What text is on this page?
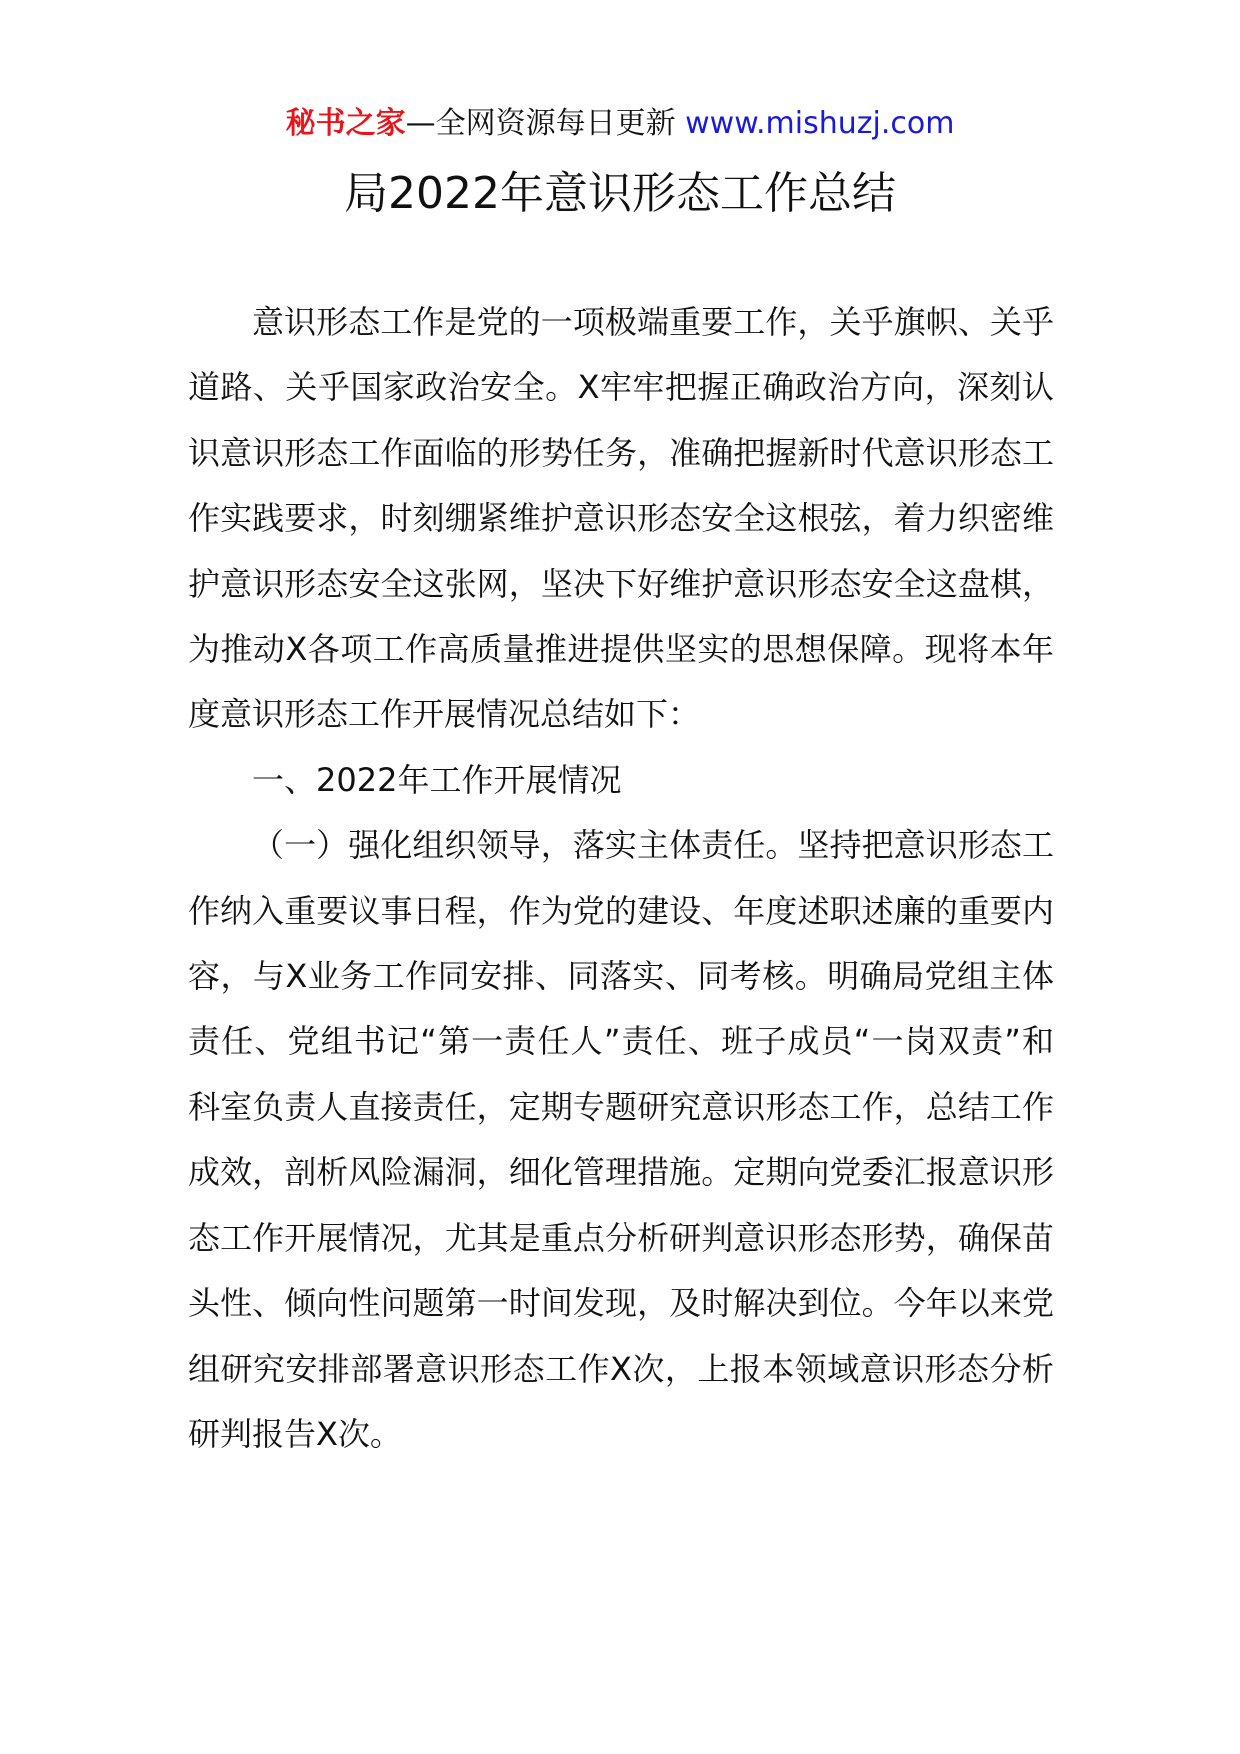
秘书之家—全网资源每日更新 www.mishuzj.com
局2022年意识形态工作总结

意识形态工作是党的一项极端重要工作，关乎旗帜、关乎道路、关乎国家政治安全。X牢牢把握正确政治方向，深刻认识意识形态工作面临的形势任务，准确把握新时代意识形态工作实践要求，时刻绷紧维护意识形态安全这根弦，着力织密维护意识形态安全这张网，坚决下好维护意识形态安全这盘棋，为推动X各项工作高质量推进提供坚实的思想保障。现将本年度意识形态工作开展情况总结如下：

一、2022年工作开展情况

（一）强化组织领导，落实主体责任。坚持把意识形态工作纳入重要议事日程，作为党的建设、年度述职述廉的重要内容，与X业务工作同安排、同落实、同考核。明确局党组主体责任、党组书记“第一责任人”责任、班子成员“一岗双责”和科室负责人直接责任，定期专题研究意识形态工作，总结工作成效，剖析风险漏洞，细化管理措施。定期向党委汇报意识形态工作开展情况，尤其是重点分析研判意识形态形势，确保苗头性、倾向性问题第一时间发现，及时解决到位。今年以来党组研究安排部署意识形态工作X次，上报本领域意识形态分析研判报告X次。
